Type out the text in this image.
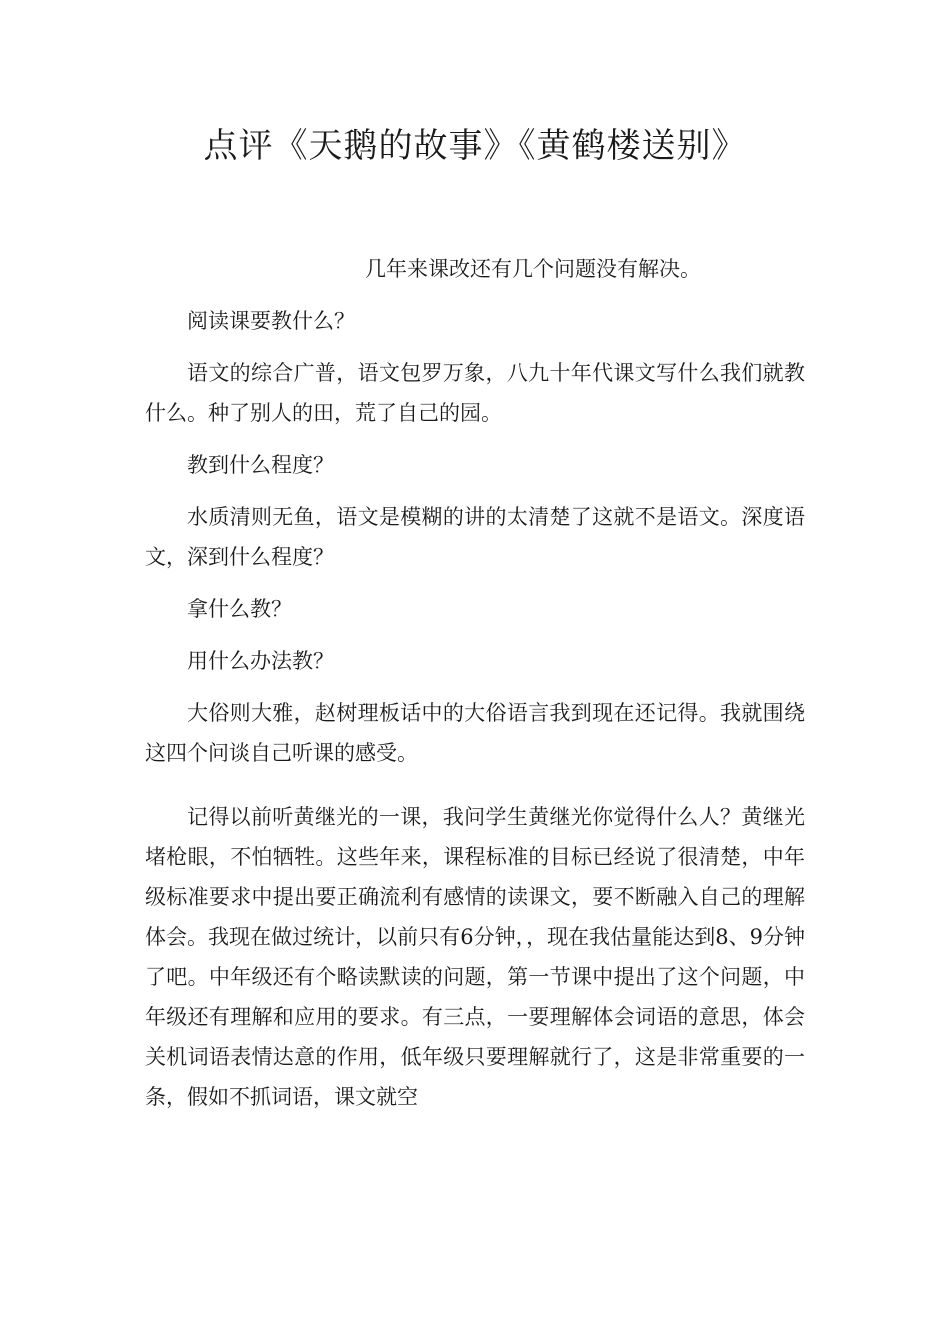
点评《天鹅的故事》《黄鹤楼送别》

几年来课改还有几个问题没有解决。

阅读课要教什么？

语文的综合广普，语文包罗万象，八九十年代课文写什么我们就教什么。种了别人的田，荒了自己的园。

教到什么程度？

水质清则无鱼，语文是模糊的讲的太清楚了这就不是语文。深度语文，深到什么程度？

拿什么教？

用什么办法教？

大俗则大雅，赵树理板话中的大俗语言我到现在还记得。我就围绕这四个问谈自己听课的感受。

记得以前听黄继光的一课，我问学生黄继光你觉得什么人？黄继光堵枪眼，不怕牺牲。这些年来，课程标准的目标已经说了很清楚，中年级标准要求中提出要正确流利有感情的读课文，要不断融入自己的理解体会。我现在做过统计，以前只有6分钟，，现在我估量能达到8、9分钟了吧。中年级还有个略读默读的问题，第一节课中提出了这个问题，中年级还有理解和应用的要求。有三点，一要理解体会词语的意思，体会关机词语表情达意的作用，低年级只要理解就行了，这是非常重要的一条，假如不抓词语，课文就空
